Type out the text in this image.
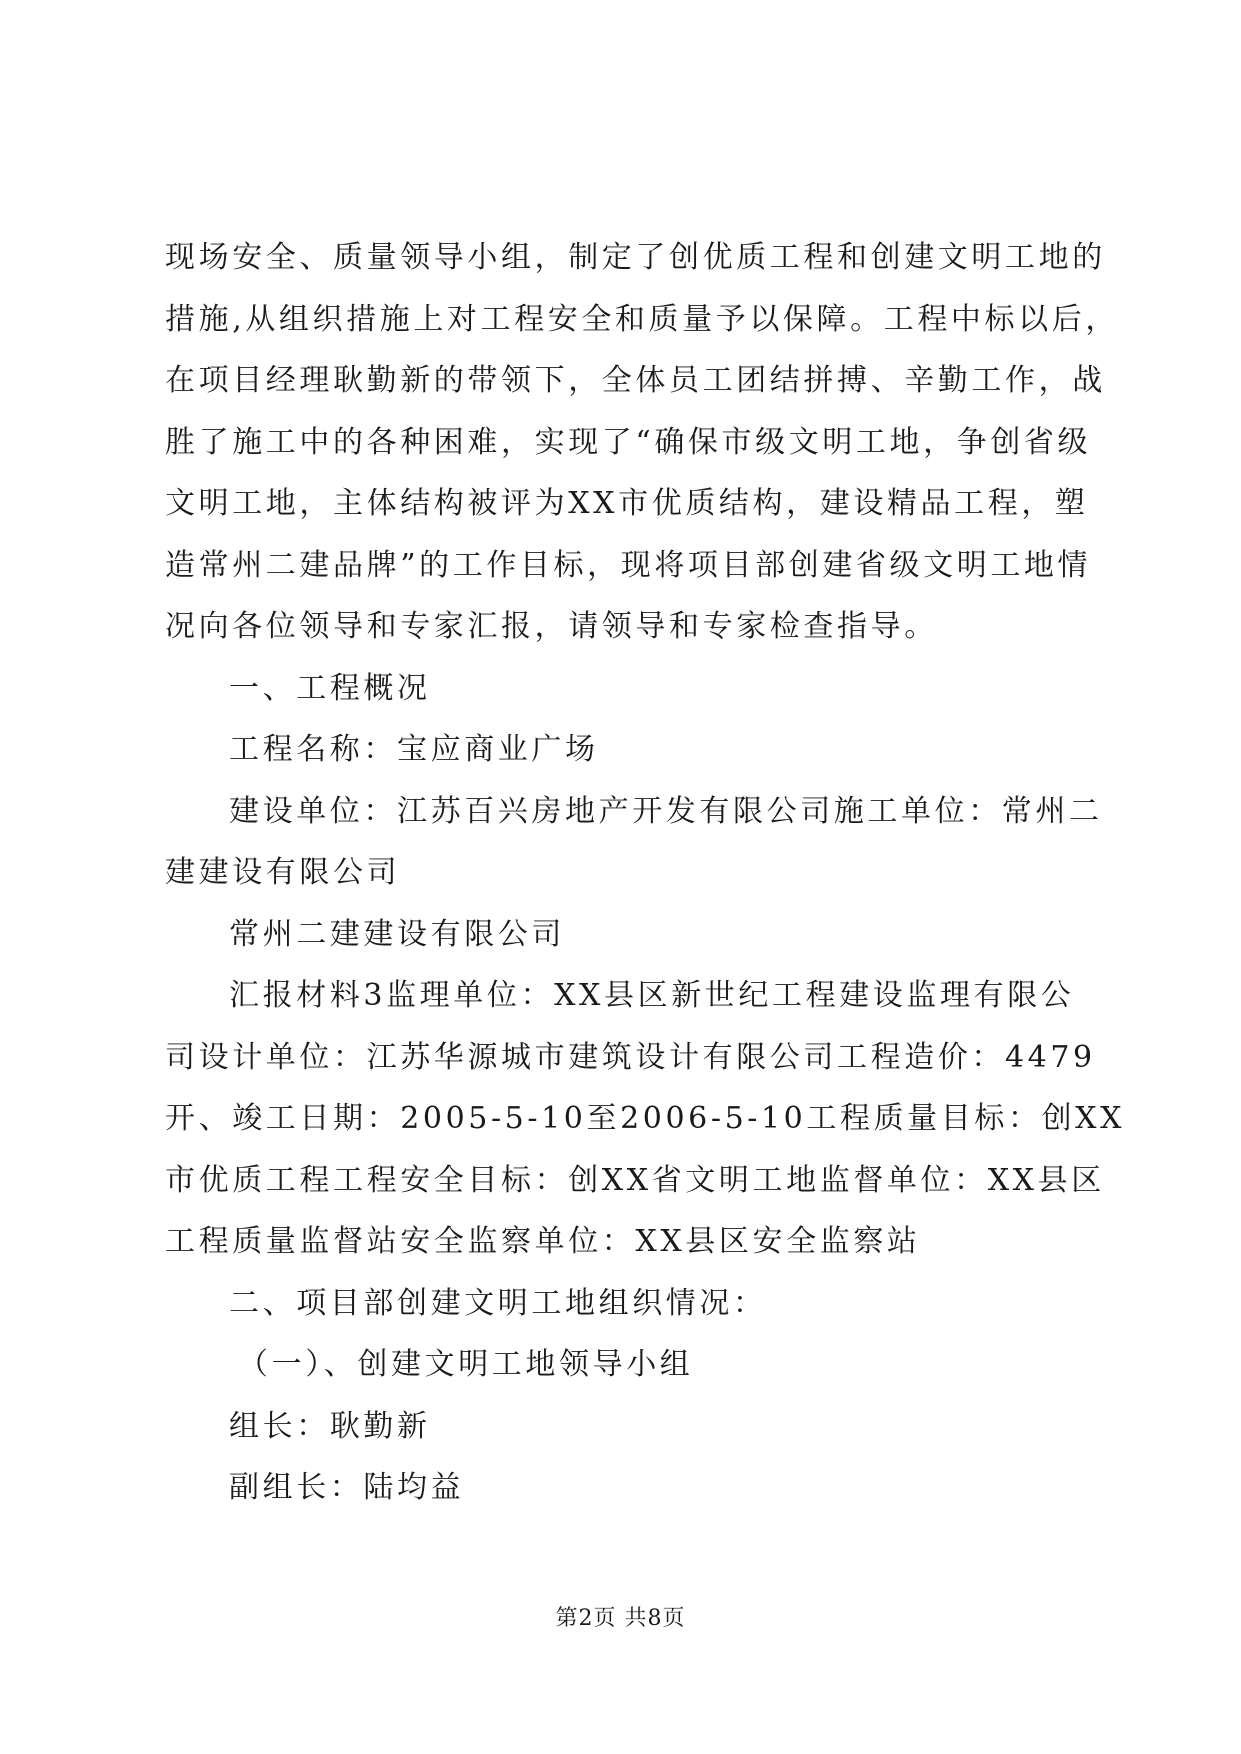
现场安全、质量领导小组，制定了创优质工程和创建文明工地的
措施,从组织措施上对工程安全和质量予以保障。工程中标以后，
在项目经理耿勤新的带领下，全体员工团结拼搏、辛勤工作，战
胜了施工中的各种困难，实现了“确保市级文明工地，争创省级
文明工地，主体结构被评为XX市优质结构，建设精品工程，塑
造常州二建品牌”的工作目标，现将项目部创建省级文明工地情
况向各位领导和专家汇报，请领导和专家检查指导。
一、工程概况
工程名称：宝应商业广场
建设单位：江苏百兴房地产开发有限公司施工单位：常州二
建建设有限公司
常州二建建设有限公司
汇报材料3监理单位：XX县区新世纪工程建设监理有限公
司设计单位：江苏华源城市建筑设计有限公司工程造价：4479
开、竣工日期：2005-5-10至2006-5-10工程质量目标：创XX
市优质工程工程安全目标：创XX省文明工地监督单位：XX县区
工程质量监督站安全监察单位：XX县区安全监察站
二、项目部创建文明工地组织情况：
（一）、创建文明工地领导小组
组长：耿勤新
副组长：陆均益
第2页 共8页
